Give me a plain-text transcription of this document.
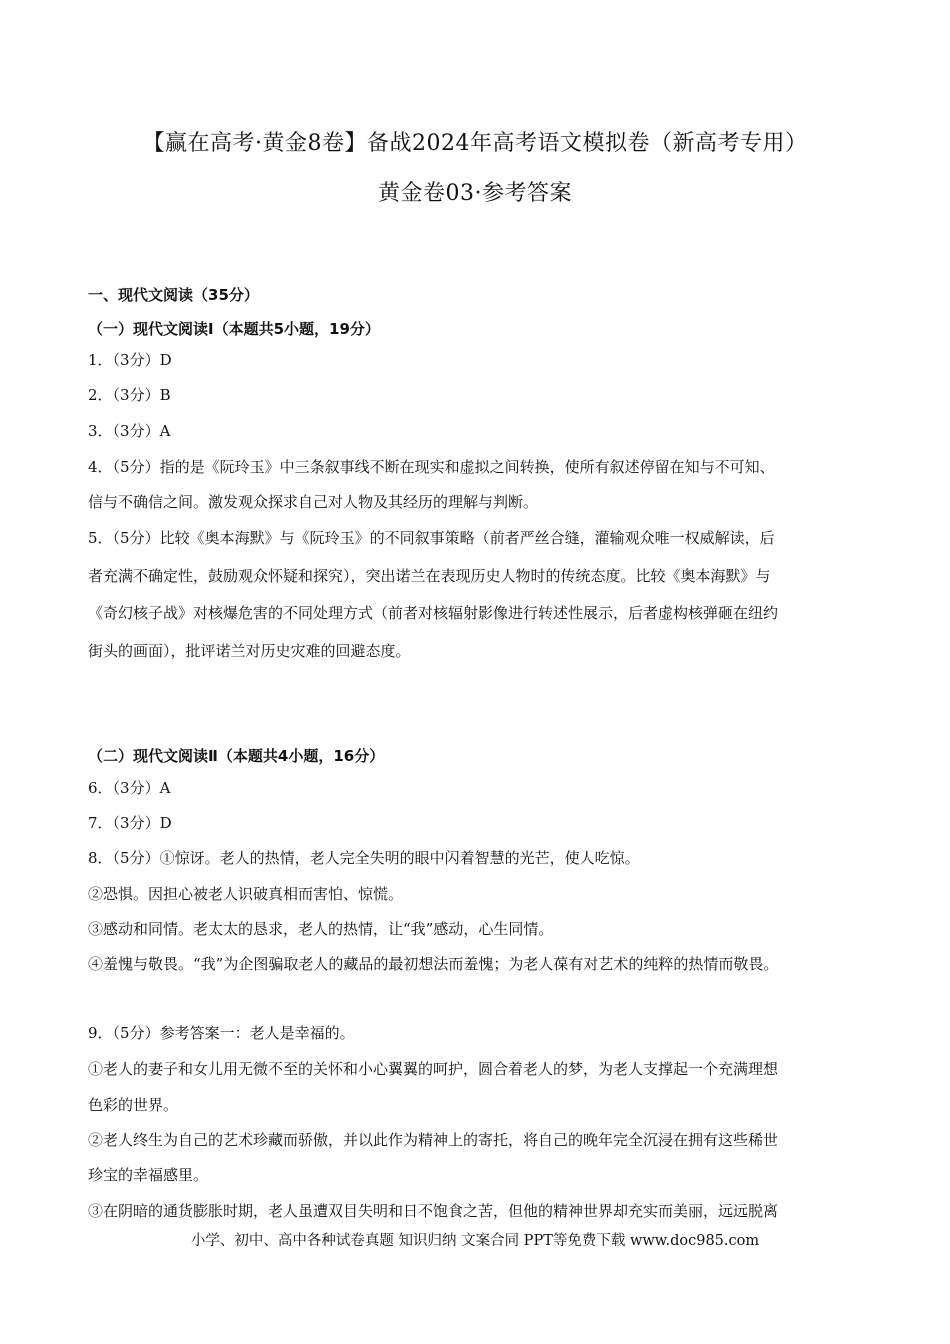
【赢在高考·黄金8卷】备战2024年高考语文模拟卷（新高考专用）
黄金卷03·参考答案
一、现代文阅读（35分）
（一）现代文阅读Ⅰ（本题共5小题，19分）
1．（3分）D
2．（3分）B
3．（3分）A
4．（5分）指的是《阮玲玉》中三条叙事线不断在现实和虚拟之间转换，使所有叙述停留在知与不可知、
信与不确信之间。激发观众探求自己对人物及其经历的理解与判断。
5．（5分）比较《奥本海默》与《阮玲玉》的不同叙事策略（前者严丝合缝，灌输观众唯一权威解读，后
者充满不确定性，鼓励观众怀疑和探究），突出诺兰在表现历史人物时的传统态度。比较《奥本海默》与
《奇幻核子战》对核爆危害的不同处理方式（前者对核辐射影像进行转述性展示，后者虚构核弹砸在纽约
街头的画面），批评诺兰对历史灾难的回避态度。
（二）现代文阅读Ⅱ（本题共4小题，16分）
6．（3分）A
7．（3分）D
8．（5分）①惊讶。老人的热情，老人完全失明的眼中闪着智慧的光芒，使人吃惊。
②恐惧。因担心被老人识破真相而害怕、惊慌。
③感动和同情。老太太的恳求，老人的热情，让“我”感动，心生同情。
④羞愧与敬畏。“我”为企图骗取老人的藏品的最初想法而羞愧；为老人葆有对艺术的纯粹的热情而敬畏。
9．（5分）参考答案一：老人是幸福的。
①老人的妻子和女儿用无微不至的关怀和小心翼翼的呵护，圆合着老人的梦，为老人支撑起一个充满理想
色彩的世界。
②老人终生为自己的艺术珍藏而骄傲，并以此作为精神上的寄托，将自己的晚年完全沉浸在拥有这些稀世
珍宝的幸福感里。
③在阴暗的通货膨胀时期，老人虽遭双目失明和日不饱食之苦，但他的精神世界却充实而美丽，远远脱离
小学、初中、高中各种试卷真题 知识归纳 文案合同 PPT等免费下载 www.doc985.com
